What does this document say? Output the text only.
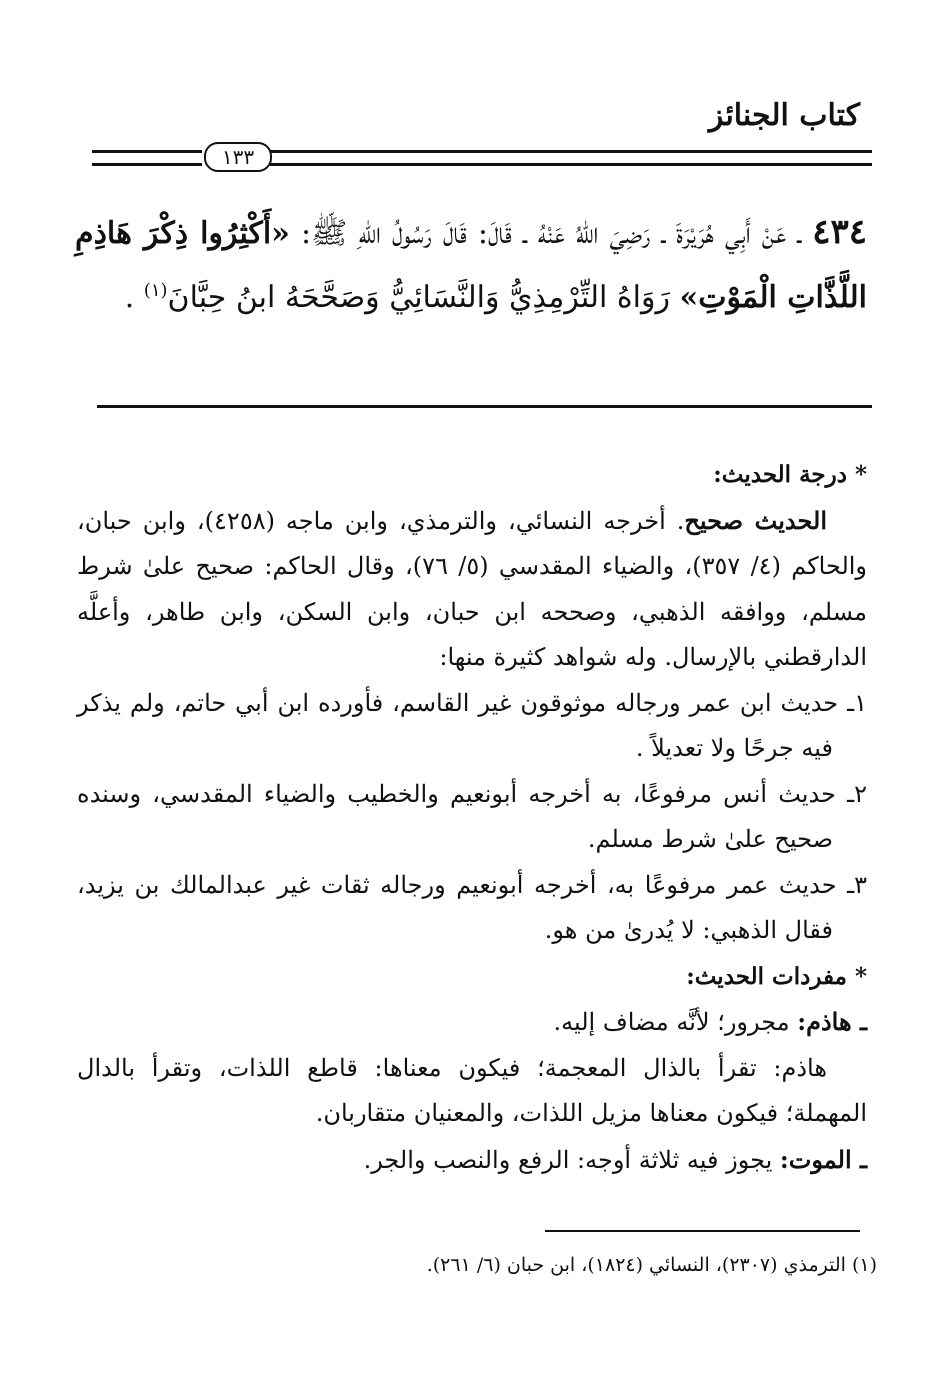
كتاب الجنائز
١٣٣
٤٣٤ ـ عَنْ أَبِي هُرَيْرَةَ ـ رَضِيَ اللهُ عَنْهُ ـ قَالَ: قَالَ رَسُولُ اللهِ ﷺ: «أَكْثِرُوا ذِكْرَ هَاذِمِ اللَّذَّاتِ الْمَوْتِ» رَوَاهُ التِّرْمِذِيُّ وَالنَّسَائِيُّ وَصَحَّحَهُ ابنُ حِبَّانَ$^{(١)}$ .

* درجة الحديث:

الحديث صحيح. أخرجه النسائي، والترمذي، وابن ماجه (٤٢٥٨)، وابن حبان، والحاكم (٤/ ٣٥٧)، والضياء المقدسي (٥/ ٧٦)، وقال الحاكم: صحيح علىٰ شرط مسلم، ووافقه الذهبي، وصححه ابن حبان، وابن السكن، وابن طاهر، وأعلَّه الدارقطني بالإرسال. وله شواهد كثيرة منها:

١ـ حديث ابن عمر ورجاله موثوقون غير القاسم، فأورده ابن أبي حاتم، ولم يذكر فيه جرحًا ولا تعديلاً .

٢ـ حديث أنس مرفوعًا، به أخرجه أبونعيم والخطيب والضياء المقدسي، وسنده صحيح علىٰ شرط مسلم.

٣ـ حديث عمر مرفوعًا به، أخرجه أبونعيم ورجاله ثقات غير عبدالمالك بن يزيد، فقال الذهبي: لا يُدرىٰ من هو.

* مفردات الحديث:

ـ هاذم: مجرور؛ لأنَّه مضاف إليه.

هاذم: تقرأ بالذال المعجمة؛ فيكون معناها: قاطع اللذات، وتقرأ بالدال المهملة؛ فيكون معناها مزيل اللذات، والمعنيان متقاربان.

ـ الموت: يجوز فيه ثلاثة أوجه: الرفع والنصب والجر.

(١) الترمذي (٢٣٠٧)، النسائي (١٨٢٤)، ابن حبان (٦/ ٢٦١).
